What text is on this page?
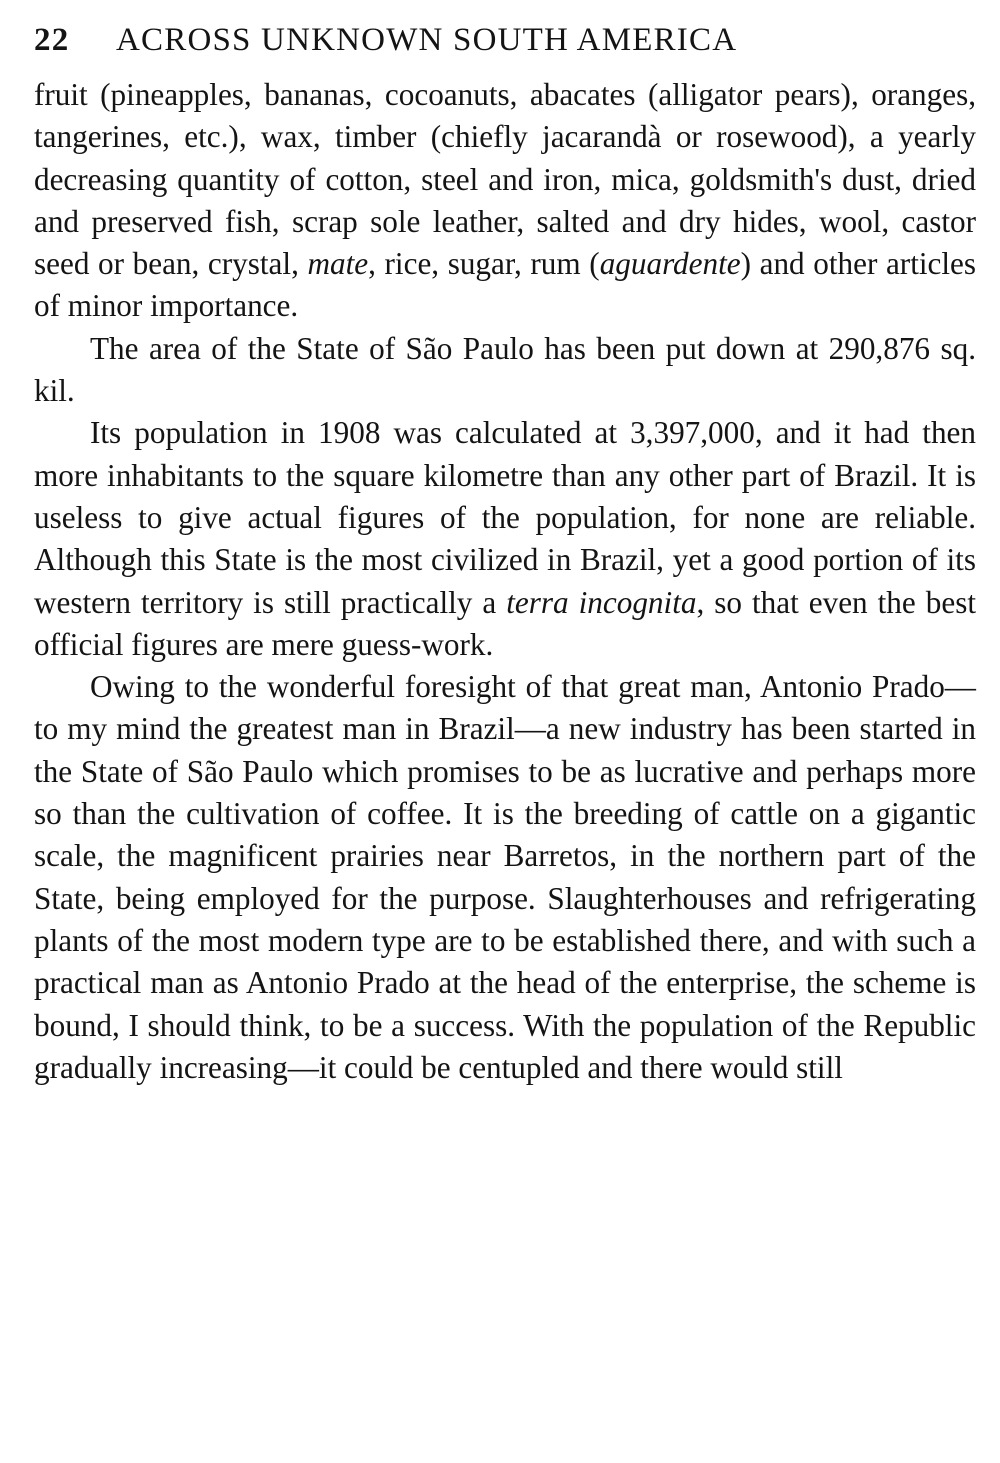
22	ACROSS UNKNOWN SOUTH AMERICA

fruit (pineapples, bananas, cocoanuts, abacates (alligator pears), oranges, tangerines, etc.), wax, timber (chiefly jacarandà or rosewood), a yearly decreasing quantity of cotton, steel and iron, mica, goldsmith's dust, dried and preserved fish, scrap sole leather, salted and dry hides, wool, castor seed or bean, crystal, mate, rice, sugar, rum (aguardente) and other articles of minor importance.

The area of the State of São Paulo has been put down at 290,876 sq. kil.

Its population in 1908 was calculated at 3,397,000, and it had then more inhabitants to the square kilometre than any other part of Brazil. It is useless to give actual figures of the population, for none are reliable. Although this State is the most civilized in Brazil, yet a good portion of its western territory is still practically a terra incognita, so that even the best official figures are mere guess-work.

Owing to the wonderful foresight of that great man, Antonio Prado—to my mind the greatest man in Brazil—a new industry has been started in the State of São Paulo which promises to be as lucrative and perhaps more so than the cultivation of coffee. It is the breeding of cattle on a gigantic scale, the magnificent prairies near Barretos, in the northern part of the State, being employed for the purpose. Slaughterhouses and refrigerating plants of the most modern type are to be established there, and with such a practical man as Antonio Prado at the head of the enterprise, the scheme is bound, I should think, to be a success. With the population of the Republic gradually increasing—it could be centupled and there would still
